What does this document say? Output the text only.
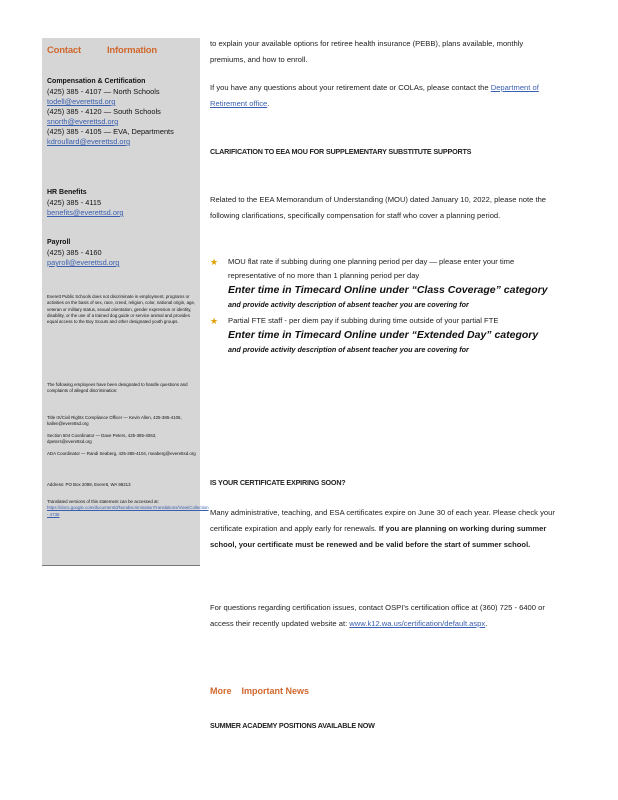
Contact	Information
Compensation & Certification
(425) 385 - 4107 — North Schools
todell@everettsd.org
(425) 385 - 4120 — South Schools
snorth@everettsd.org
(425) 385 - 4105 — EVA, Departments
kdroullard@everettsd.org
HR Benefits
(425) 385 - 4115
benefits@everettsd.org
Payroll
(425) 385 - 4160
payroll@everettsd.org
Everett Public Schools does not discriminate in employment, programs or activities on the basis of sex, race, creed, religion, color, national origin, age, veteran or military status, sexual orientation, gender expression or identity, disability, or the use of a trained dog guide or service animal and provides equal access to the Boy Scouts and other designated youth groups.
The following employees have been designated to handle questions and complaints of alleged discrimination:
Title IX/Civil Rights Compliance Officer — Kevin Allen, 425-385-4106, kallen@everettsd.org
Section 504 Coordinator — Dave Peters, 425-385-4063, dpeters@everettsd.org
ADA Coordinator — Randi Seaberg, 425-385-4104, rseaberg@everettsd.org
Address: PO Box 2098, Everett, WA 98213
Translated versions of this statement can be accessed at:
https://docs.google.com/document/d/NondiscriminationTranslations/View/Collection - 4736
to explain your available options for retiree health insurance (PEBB), plans available, monthly premiums, and how to enroll.
If you have any questions about your retirement date or COLAs, please contact the Department of Retirement office.
CLARIFICATION TO EEA MOU FOR SUPPLEMENTARY SUBSTITUTE SUPPORTS
Related to the EEA Memorandum of Understanding (MOU) dated January 10, 2022, please note the following clarifications, specifically compensation for staff who cover a planning period.
★ MOU flat rate if subbing during one planning period per day — please enter your time representative of no more than 1 planning period per day
Enter time in Timecard Online under “Class Coverage” category
and provide activity description of absent teacher you are covering for
★ Partial FTE staff - per diem pay if subbing during time outside of your partial FTE
Enter time in Timecard Online under “Extended Day” category
and provide activity description of absent teacher you are covering for
IS YOUR CERTIFICATE EXPIRING SOON?
Many administrative, teaching, and ESA certificates expire on June 30 of each year. Please check your certificate expiration and apply early for renewals. If you are planning on working during summer school, your certificate must be renewed and be valid before the start of summer school.
For questions regarding certification issues, contact OSPI’s certification office at (360) 725 - 6400 or access their recently updated website at: www.k12.wa.us/certification/default.aspx.
More Important News
SUMMER ACADEMY POSITIONS AVAILABLE NOW
